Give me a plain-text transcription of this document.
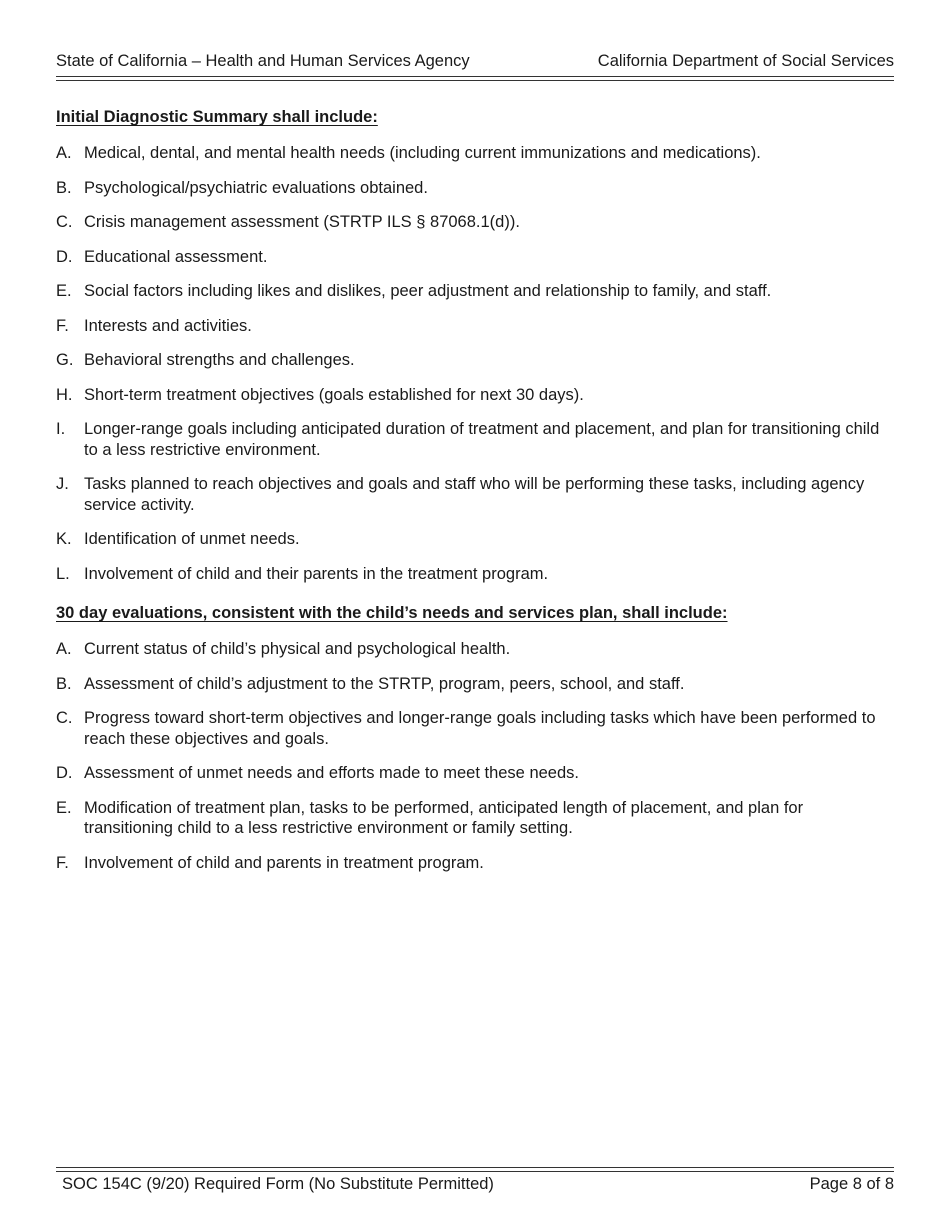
State of California – Health and Human Services Agency	California Department of Social Services
Initial Diagnostic Summary shall include:
A. Medical, dental, and mental health needs (including current immunizations and medications).
B. Psychological/psychiatric evaluations obtained.
C. Crisis management assessment (STRTP ILS § 87068.1(d)).
D. Educational assessment.
E. Social factors including likes and dislikes, peer adjustment and relationship to family, and staff.
F. Interests and activities.
G. Behavioral strengths and challenges.
H. Short-term treatment objectives (goals established for next 30 days).
I. Longer-range goals including anticipated duration of treatment and placement, and plan for transitioning child to a less restrictive environment.
J. Tasks planned to reach objectives and goals and staff who will be performing these tasks, including agency service activity.
K. Identification of unmet needs.
L. Involvement of child and their parents in the treatment program.
30 day evaluations, consistent with the child’s needs and services plan, shall include:
A. Current status of child’s physical and psychological health.
B. Assessment of child’s adjustment to the STRTP, program, peers, school, and staff.
C. Progress toward short-term objectives and longer-range goals including tasks which have been performed to reach these objectives and goals.
D. Assessment of unmet needs and efforts made to meet these needs.
E. Modification of treatment plan, tasks to be performed, anticipated length of placement, and plan for transitioning child to a less restrictive environment or family setting.
F. Involvement of child and parents in treatment program.
SOC 154C (9/20) Required Form (No Substitute Permitted)	Page 8 of 8
